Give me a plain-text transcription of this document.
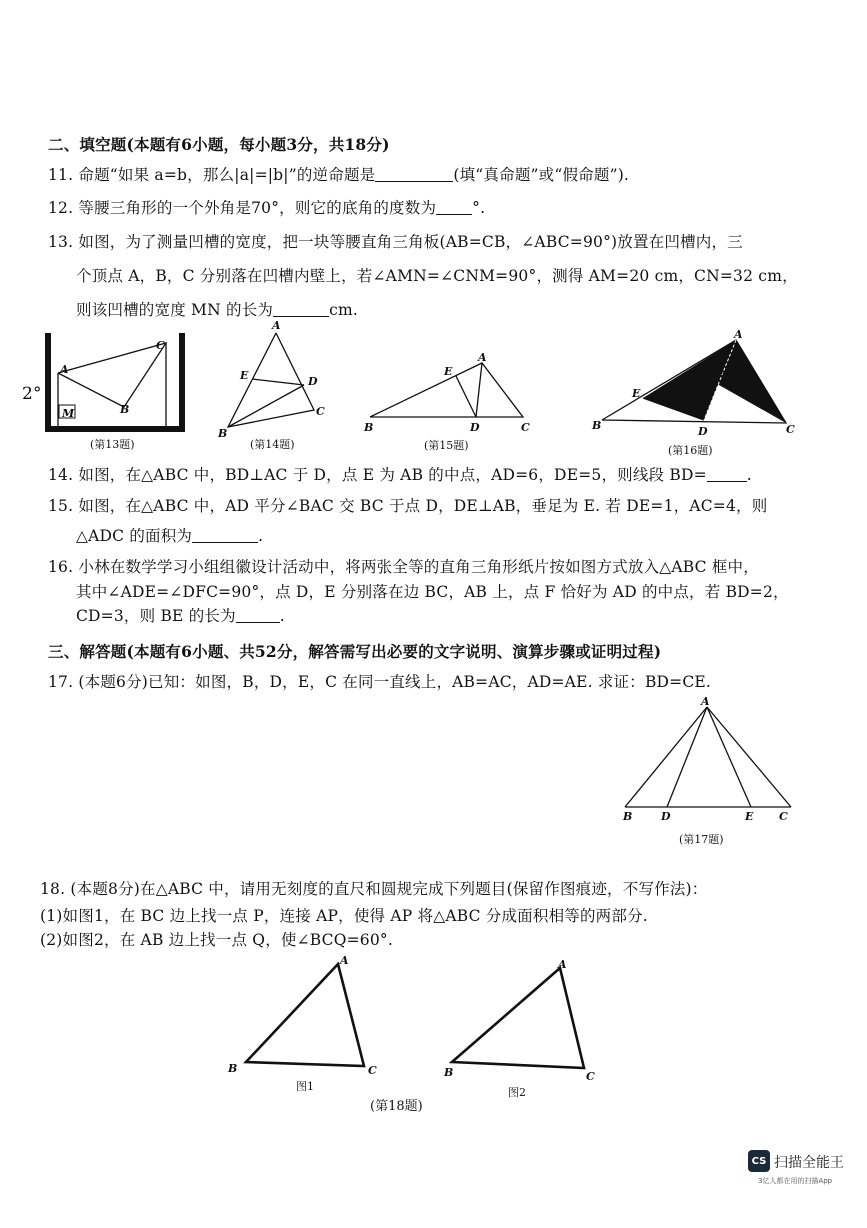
二、填空题(本题有6小题，每小题3分，共18分)
11. 命题“如果 a=b，那么|a|=|b|”的逆命题是	(填“真命题”或“假命题”).
12. 等腰三角形的一个外角是70°，则它的底角的度数为 °.
13. 如图，为了测量凹槽的宽度，把一块等腰直角三角板(AB=CB，∠ABC=90°)放置在凹槽内，三
个顶点 A，B，C 分别落在凹槽内壁上，若∠AMN=∠CNM=90°，测得 AM=20 cm，CN=32 cm，
则该凹槽的宽度 MN 的长为	cm.
2°
A
C
B
M
(第13题)
A
E	D
C
B
(第14题)
A
E
B	D	C
(第15题)
A
E
F
B	D	C
(第16题)
14. 如图，在△ABC 中，BD⊥AC 于 D，点 E 为 AB 的中点，AD=6，DE=5，则线段 BD=	.
15. 如图，在△ABC 中，AD 平分∠BAC 交 BC 于点 D，DE⊥AB，垂足为 E. 若 DE=1，AC=4，则
△ADC 的面积为	.
16. 小林在数学学习小组组徽设计活动中，将两张全等的直角三角形纸片按如图方式放入△ABC 框中，
其中∠ADE=∠DFC=90°，点 D，E 分别落在边 BC，AB 上，点 F 恰好为 AD 的中点，若 BD=2，
CD=3，则 BE 的长为	.
三、解答题(本题有6小题、共52分，解答需写出必要的文字说明、演算步骤或证明过程)
17. (本题6分)已知：如图，B，D，E，C 在同一直线上，AB=AC，AD=AE. 求证：BD=CE.
A
B	D	E C
(第17题)
18. (本题8分)在△ABC 中，请用无刻度的直尺和圆规完成下列题目(保留作图痕迹，不写作法)：
(1)如图1，在 BC 边上找一点 P，连接 AP，使得 AP 将△ABC 分成面积相等的两部分.
(2)如图2，在 AB 边上找一点 Q，使∠BCQ=60°.
A
B	C
图1
A
B	C
图2
(第18题)
CS 扫描全能王
3亿人都在用的扫描App
